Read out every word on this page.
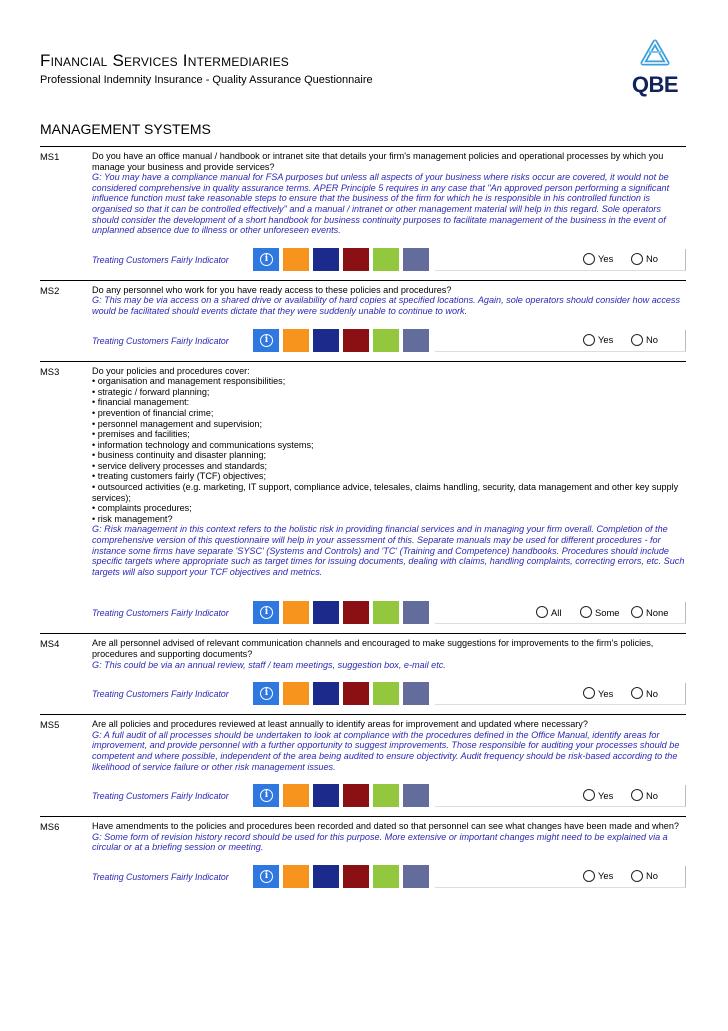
Financial Services Intermediaries
Professional Indemnity Insurance - Quality Assurance Questionnaire	QBE
MANAGEMENT SYSTEMS
MS1	Do you have an office manual / handbook or intranet site that details your firm's management policies and operational processes by which you manage your business and provide services?
G: You may have a compliance manual for FSA purposes but unless all aspects of your business where risks occur are covered, it would not be considered comprehensive in quality assurance terms. APER Principle 5 requires in any case that "An approved person performing a significant influence function must take reasonable steps to ensure that the business of the firm for which he is responsible in his controlled function is organised so that it can be controlled effectively" and a manual / intranet or other management material will help in this regard. Sole operators should consider the development of a short handbook for business continuity purposes to facilitate management of the business in the event of unplanned absence due to illness or other unforeseen events.
Treating Customers Fairly Indicator	i	Yes	No
MS2	Do any personnel who work for you have ready access to these policies and procedures?
G: This may be via access on a shared drive or availability of hard copies at specified locations. Again, sole operators should consider how access would be facilitated should events dictate that they were suddenly unable to continue to work.
Treating Customers Fairly Indicator	i	Yes	No
MS3	Do your policies and procedures cover:
• organisation and management responsibilities;
• strategic / forward planning;
• financial management:
• prevention of financial crime;
• personnel management and supervision;
• premises and facilities;
• information technology and communications systems;
• business continuity and disaster planning;
• service delivery processes and standards;
• treating customers fairly (TCF) objectives;
• outsourced activities (e.g. marketing, IT support, compliance advice, telesales, claims handling, security, data management and other key supply services);
• complaints procedures;
• risk management?
G: Risk management in this context refers to the holistic risk in providing financial services and in managing your firm overall. Completion of the comprehensive version of this questionnaire will help in your assessment of this. Separate manuals may be used for different procedures - for instance some firms have separate 'SYSC' (Systems and Controls) and 'TC' (Training and Competence) handbooks. Procedures should include specific targets where appropriate such as target times for issuing documents, dealing with claims, handling complaints, correcting errors, etc. Such targets will also support your TCF objectives and metrics.
Treating Customers Fairly Indicator	i	All	Some	None
MS4	Are all personnel advised of relevant communication channels and encouraged to make suggestions for improvements to the firm's policies, procedures and supporting documents?
G: This could be via an annual review, staff / team meetings, suggestion box, e-mail etc.
Treating Customers Fairly Indicator	i	Yes	No
MS5	Are all policies and procedures reviewed at least annually to identify areas for improvement and updated where necessary?
G: A full audit of all processes should be undertaken to look at compliance with the procedures defined in the Office Manual, identify areas for improvement, and provide personnel with a further opportunity to suggest improvements. Those responsible for auditing your processes should be competent and where possible, independent of the area being audited to ensure objectivity. Audit frequency should be risk-based according to the likelihood of service failure or other risk management issues.
Treating Customers Fairly Indicator	i	Yes	No
MS6	Have amendments to the policies and procedures been recorded and dated so that personnel can see what changes have been made and when?
G: Some form of revision history record should be used for this purpose. More extensive or important changes might need to be explained via a circular or at a briefing session or meeting.
Treating Customers Fairly Indicator	i	Yes	No
